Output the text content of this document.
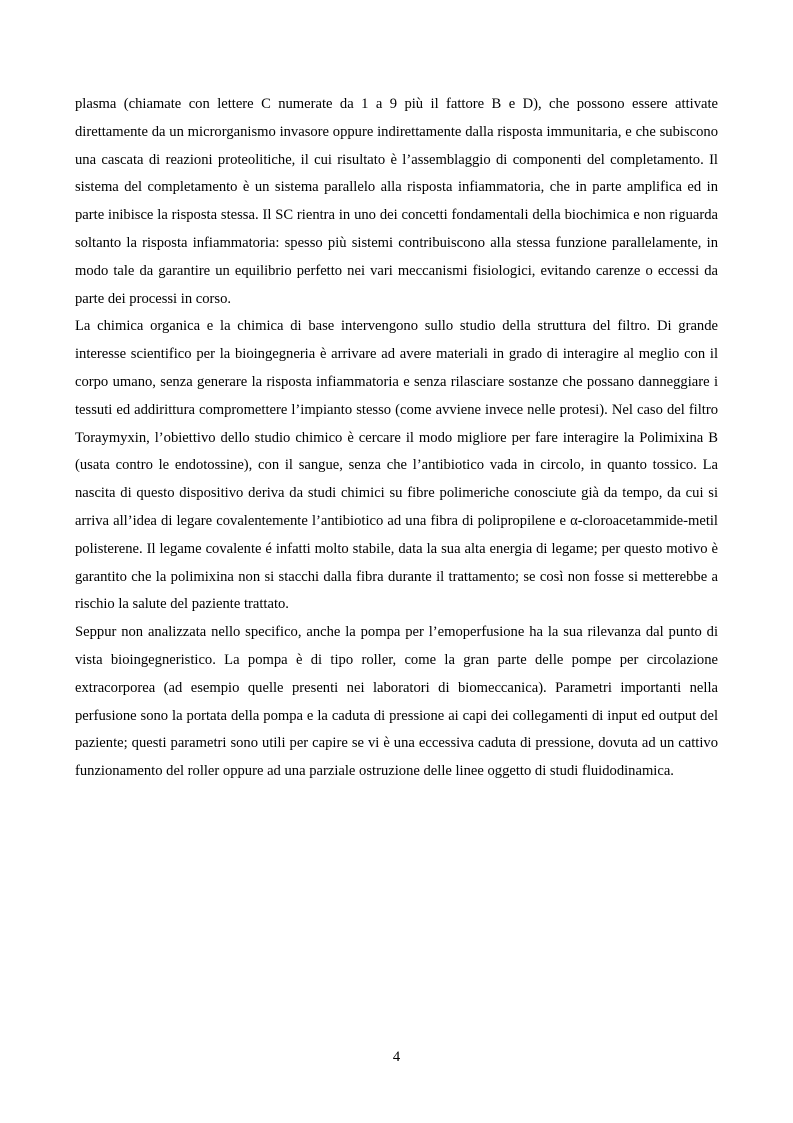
plasma (chiamate con lettere C numerate da 1 a 9 più il fattore B e D), che possono essere attivate direttamente da un microrganismo invasore oppure indirettamente dalla risposta immunitaria, e che subiscono una cascata di reazioni proteolitiche, il cui risultato è l’assemblaggio di componenti del completamento. Il sistema del completamento è un sistema parallelo alla risposta infiammatoria, che in parte amplifica ed in parte inibisce la risposta stessa. Il SC rientra in uno dei concetti fondamentali della biochimica e non riguarda soltanto la risposta infiammatoria: spesso più sistemi contribuiscono alla stessa funzione parallelamente, in modo tale da garantire un equilibrio perfetto nei vari meccanismi fisiologici, evitando carenze o eccessi da parte dei processi in corso.

La chimica organica e la chimica di base intervengono sullo studio della struttura del filtro. Di grande interesse scientifico per la bioingegneria è arrivare ad avere materiali in grado di interagire al meglio con il corpo umano, senza generare la risposta infiammatoria e senza rilasciare sostanze che possano danneggiare i tessuti ed addirittura compromettere l’impianto stesso (come avviene invece nelle protesi). Nel caso del filtro Toraymyxin, l’obiettivo dello studio chimico è cercare il modo migliore per fare interagire la Polimixina B (usata contro le endotossine), con il sangue, senza che l’antibiotico vada in circolo, in quanto tossico. La nascita di questo dispositivo deriva da studi chimici su fibre polimeriche conosciute già da tempo, da cui si arriva all’idea di legare covalentemente l’antibiotico ad una fibra di polipropilene e α-cloroacetammide-metil polisterene. Il legame covalente é infatti molto stabile, data la sua alta energia di legame; per questo motivo è garantito che la polimixina non si stacchi dalla fibra durante il trattamento; se così non fosse si metterebbe a rischio la salute del paziente trattato.

Seppur non analizzata nello specifico, anche la pompa per l’emoperfusione ha la sua rilevanza dal punto di vista bioingegneristico. La pompa è di tipo roller, come la gran parte delle pompe per circolazione extracorporea (ad esempio quelle presenti nei laboratori di biomeccanica). Parametri importanti nella perfusione sono la portata della pompa e la caduta di pressione ai capi dei collegamenti di input ed output del paziente; questi parametri sono utili per capire se vi è una eccessiva caduta di pressione, dovuta ad un cattivo funzionamento del roller oppure ad una parziale ostruzione delle linee oggetto di studi fluidodinamica.

4
